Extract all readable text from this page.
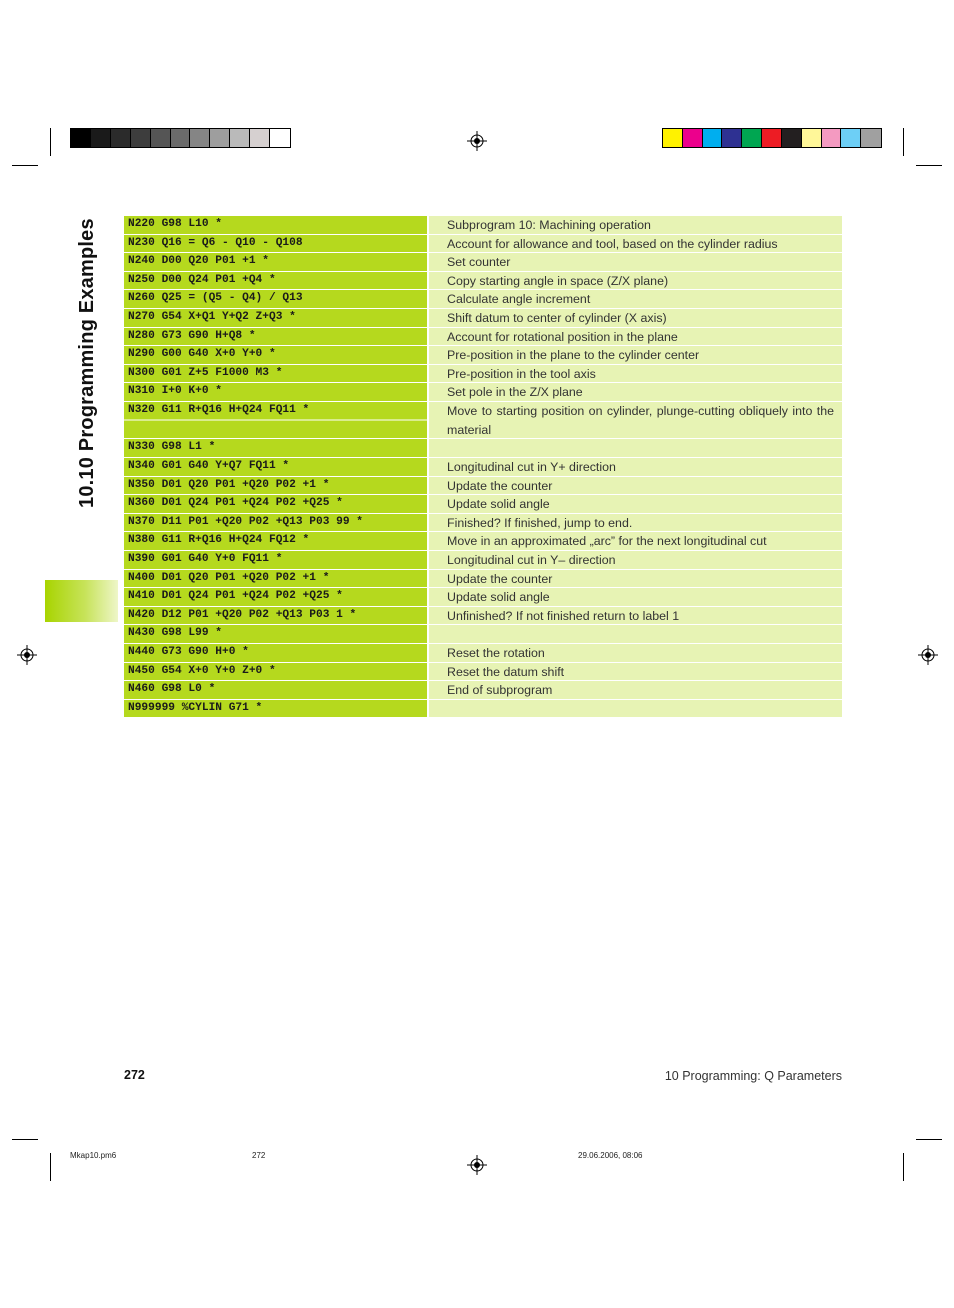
10.10 Programming Examples	N220 G98 L10 *	Subprogram 10: Machining operation
N230 Q16 = Q6 - Q10 - Q108	Account for allowance and tool, based on the cylinder radius
N240 D00 Q20 P01 +1 *	Set counter
N250 D00 Q24 P01 +Q4 *	Copy starting angle in space (Z/X plane)
N260 Q25 = (Q5 - Q4) / Q13	Calculate angle increment
N270 G54 X+Q1 Y+Q2 Z+Q3 *	Shift datum to center of cylinder (X axis)
N280 G73 G90 H+Q8 *	Account for rotational position in the plane
N290 G00 G40 X+0 Y+0 *	Pre-position in the plane to the cylinder center
N300 G01 Z+5 F1000 M3 *	Pre-position in the tool axis
N310 I+0 K+0 *	Set pole in the Z/X plane
N320 G11 R+Q16 H+Q24 FQ11 *	Move to starting position on cylinder, plunge-cutting obliquely into the material
N330 G98 L1 *
N340 G01 G40 Y+Q7 FQ11 *	Longitudinal cut in Y+ direction
N350 D01 Q20 P01 +Q20 P02 +1 *	Update the counter
N360 D01 Q24 P01 +Q24 P02 +Q25 *	Update solid angle
N370 D11 P01 +Q20 P02 +Q13 P03 99 *	Finished? If finished, jump to end.
N380 G11 R+Q16 H+Q24 FQ12 *	Move in an approximated „arc” for the next longitudinal cut
N390 G01 G40 Y+0 FQ11 *	Longitudinal cut in Y– direction
N400 D01 Q20 P01 +Q20 P02 +1 *	Update the counter
N410 D01 Q24 P01 +Q24 P02 +Q25 *	Update solid angle
N420 D12 P01 +Q20 P02 +Q13 P03 1 *	Unfinished? If not finished return to label 1
N430 G98 L99 *
N440 G73 G90 H+0 *	Reset the rotation
N450 G54 X+0 Y+0 Z+0 *	Reset the datum shift
N460 G98 L0 *	End of subprogram
N999999 %CYLIN G71 *
272	10 Programming: Q Parameters
Mkap10.pm6	272	29.06.2006, 08:06
